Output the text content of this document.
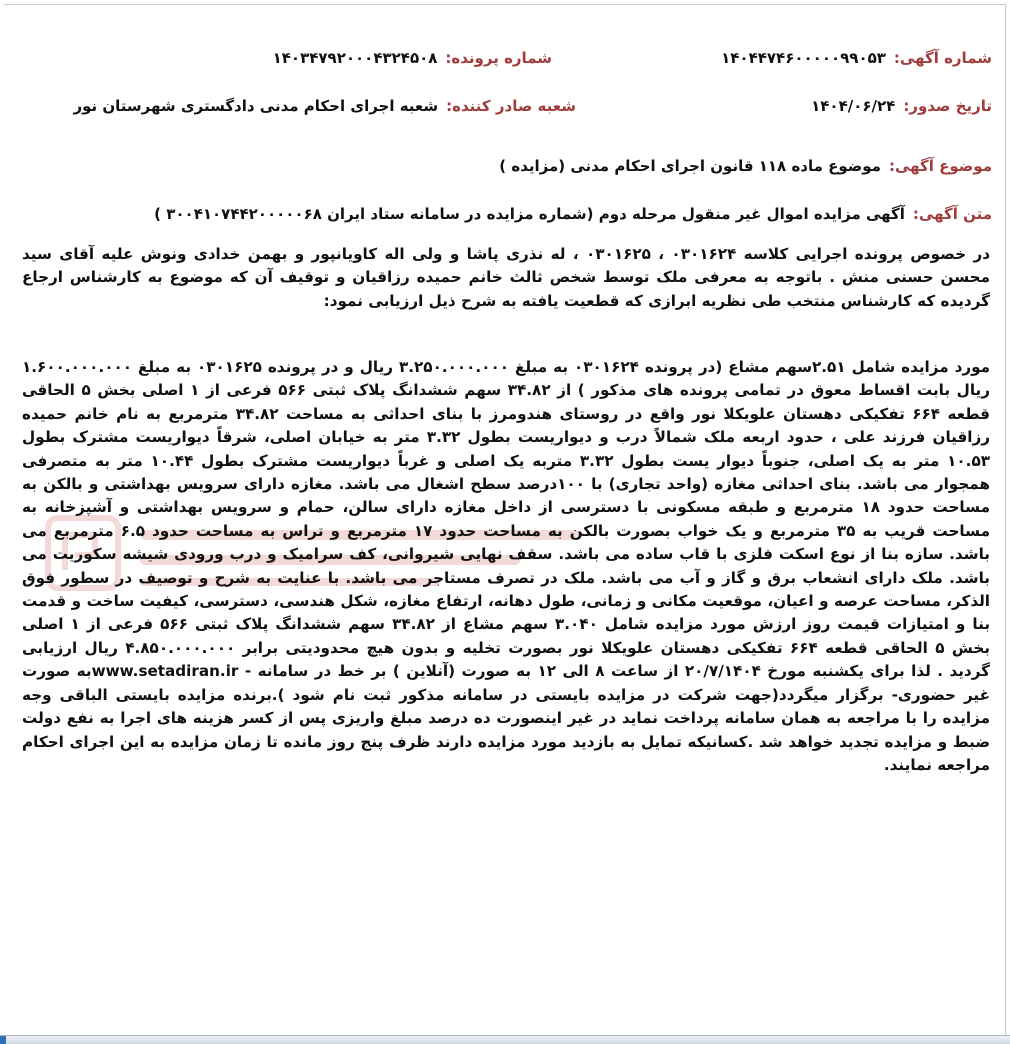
شماره آگهی:۱۴۰۴۴۷۴۶۰۰۰۰۰۹۹۰۵۳
شماره پرونده:۱۴۰۳۴۷۹۲۰۰۰۴۳۲۴۵۰۸
تاریخ صدور:۱۴۰۴/۰۶/۲۴
شعبه صادر کننده:شعبه اجرای احکام مدنی دادگستری شهرستان نور
موضوع آگهی:موضوع ماده ۱۱۸ قانون اجرای احکام مدنی (مزایده )
متن آگهی:آگهی مزایده اموال غیر منقول مرحله دوم (شماره مزایده در سامانه ستاد ایران ۳۰۰۴۱۰۷۴۴۲۰۰۰۰۰۶۸ )

در خصوص پرونده اجرایی کلاسه ۰۳۰۱۶۲۴ ، ۰۳۰۱۶۲۵ ، له نذری پاشا و ولی اله کاویانپور و بهمن خدادی ونوش علیه آقای سید محسن حسنی منش . باتوجه به معرفی ملک توسط شخص ثالث خانم حمیده رزاقیان و توقیف آن که موضوع به کارشناس ارجاع گردیده که کارشناس منتخب طی نظریه ابرازی که قطعیت یافته به شرح ذیل ارزیابی نمود:

مورد مزایده شامل ۲.۵۱سهم مشاع (در پرونده ۰۳۰۱۶۲۴ به مبلغ ۳.۲۵۰.۰۰۰.۰۰۰ ریال و در پرونده ۰۳۰۱۶۲۵ به مبلغ ۱.۶۰۰.۰۰۰.۰۰۰ ریال بابت اقساط معوق در تمامی پرونده های مذکور ) از ۳۴.۸۲ سهم ششدانگ پلاک ثبتی ۵۶۶ فرعی از ۱ اصلی بخش ۵ الحاقی قطعه ۶۶۴ تفکیکی دهستان علویکلا نور واقع در روستای هندومرز با بنای احداثی به مساحت ۳۴.۸۲ مترمربع به نام خانم حمیده رزاقیان فرزند علی ، حدود اربعه ملک شمالاً درب و دیواریست بطول ۳.۳۲ متر به خیابان اصلی، شرقاً دیواریست مشترک بطول ۱۰.۵۳ متر به یک اصلی، جنوباً دیوار یست بطول ۳.۳۲ متربه یک اصلی و غرباً دیواریست مشترک بطول ۱۰.۴۴ متر به متصرفی همجوار می باشد. بنای احداثی مغازه (واحد تجاری) با ۱۰۰درصد سطح اشغال می باشد. مغازه دارای سرویس بهداشتی و بالکن به مساحت حدود ۱۸ مترمربع و طبقه مسکونی با دسترسی از داخل مغازه دارای سالن، حمام و سرویس بهداشتی و آشپزخانه به مساحت قریب به ۳۵ مترمربع و یک خواب بصورت بالکن به مساحت حدود ۱۷ مترمربع و تراس به مساحت حدود ۶.۵ مترمربع می باشد. سازه بنا از نوع اسکت فلزی با قاب ساده می باشد. سقف نهایی شیروانی، کف سرامیک و درب ورودی شیشه سکوریت می باشد. ملک دارای انشعاب برق و گاز و آب می باشد. ملک در تصرف مستاجر می باشد. با عنایت به شرح و توصیف در سطور فوق الذکر، مساحت عرصه و اعیان، موقعیت مکانی و زمانی، طول دهانه، ارتفاع مغازه، شکل هندسی، دسترسی، کیفیت ساخت و قدمت بنا و امتیازات قیمت روز ارزش مورد مزایده شامل ۳.۰۴۰ سهم مشاع از ۳۴.۸۲ سهم ششدانگ پلاک ثبتی ۵۶۶ فرعی از ۱ اصلی بخش ۵ الحاقی قطعه ۶۶۴ تفکیکی دهستان علویکلا نور بصورت تخلیه و بدون هیچ محدودیتی برابر ۴.۸۵۰.۰۰۰.۰۰۰ ریال ارزیابی گردید . لذا برای یکشنبه مورخ ۲۰/۷/۱۴۰۴ از ساعت ۸ الی ۱۲ به صورت (آنلاین ) بر خط در سامانه - www.setadiran.irبه صورت غیر حضوری- برگزار میگردد(جهت شرکت در مزایده بایستی در سامانه مذکور ثبت نام شود ).برنده مزایده بایستی الباقی وجه مزایده را با مراجعه به همان سامانه پرداخت نماید در غیر اینصورت ده درصد مبلغ واریزی پس از کسر هزینه های اجرا به نفع دولت ضبط و مزایده تجدید خواهد شد .کسانیکه تمایل به بازدید مورد مزایده دارند ظرف پنج روز مانده تا زمان مزایده به این اجرای احکام مراجعه نمایند.
